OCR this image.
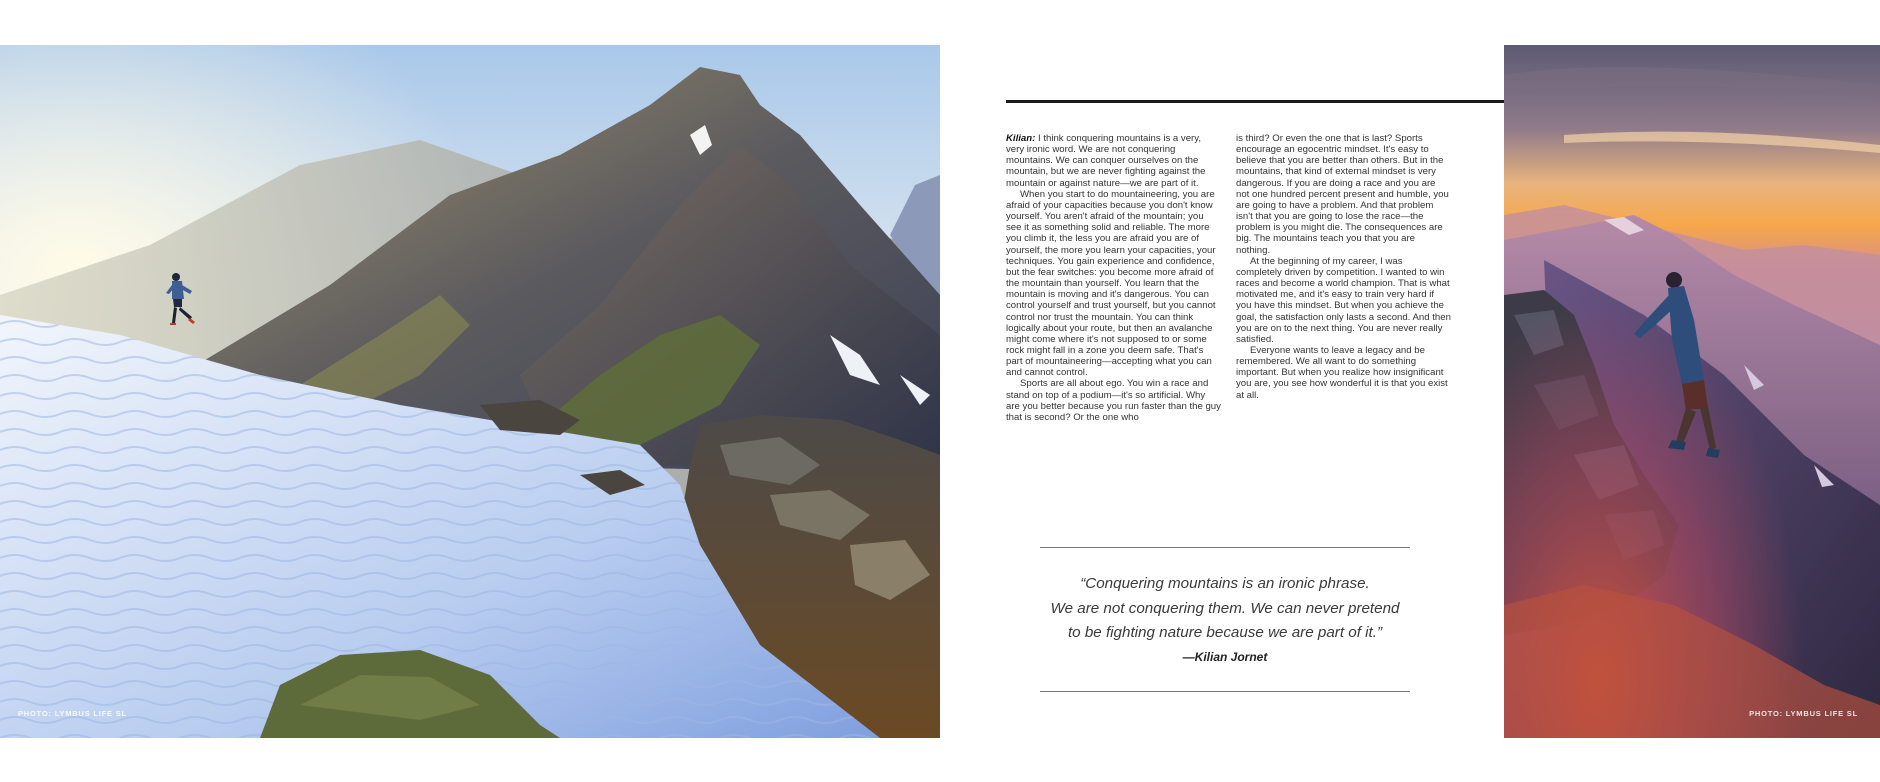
PHOTO: LYMBUS LIFE SL

Kilian: I think conquering mountains is a very, very ironic word. We are not conquering mountains. We can conquer ourselves on the mountain, but we are never fighting against the mountain or against nature—we are part of it.

When you start to do mountaineering, you are afraid of your capacities because you don't know yourself. You aren't afraid of the mountain; you see it as something solid and reliable. The more you climb it, the less you are afraid you are of yourself, the more you learn your capacities, your techniques. You gain experience and confidence, but the fear switches: you become more afraid of the mountain than yourself. You learn that the mountain is moving and it's dangerous. You can control yourself and trust yourself, but you cannot control nor trust the mountain. You can think logically about your route, but then an avalanche might come where it's not supposed to or some rock might fall in a zone you deem safe. That's part of mountaineering—accepting what you can and cannot control.

Sports are all about ego. You win a race and stand on top of a podium—it's so artificial. Why are you better because you run faster than the guy that is second? Or the one who

is third? Or even the one that is last? Sports encourage an egocentric mindset. It's easy to believe that you are better than others. But in the mountains, that kind of external mindset is very dangerous. If you are doing a race and you are not one hundred percent present and humble, you are going to have a problem. And that problem isn't that you are going to lose the race—the problem is you might die. The consequences are big. The mountains teach you that you are nothing.

At the beginning of my career, I was completely driven by competition. I wanted to win races and become a world champion. That is what motivated me, and it's easy to train very hard if you have this mindset. But when you achieve the goal, the satisfaction only lasts a second. And then you are on to the next thing. You are never really satisfied.

Everyone wants to leave a legacy and be remembered. We all want to do something important. But when you realize how insignificant you are, you see how wonderful it is that you exist at all.

“Conquering mountains is an ironic phrase.
We are not conquering them. We can never pretend
to be fighting nature because we are part of it.”
—Kilian Jornet
PHOTO: LYMBUS LIFE SL
